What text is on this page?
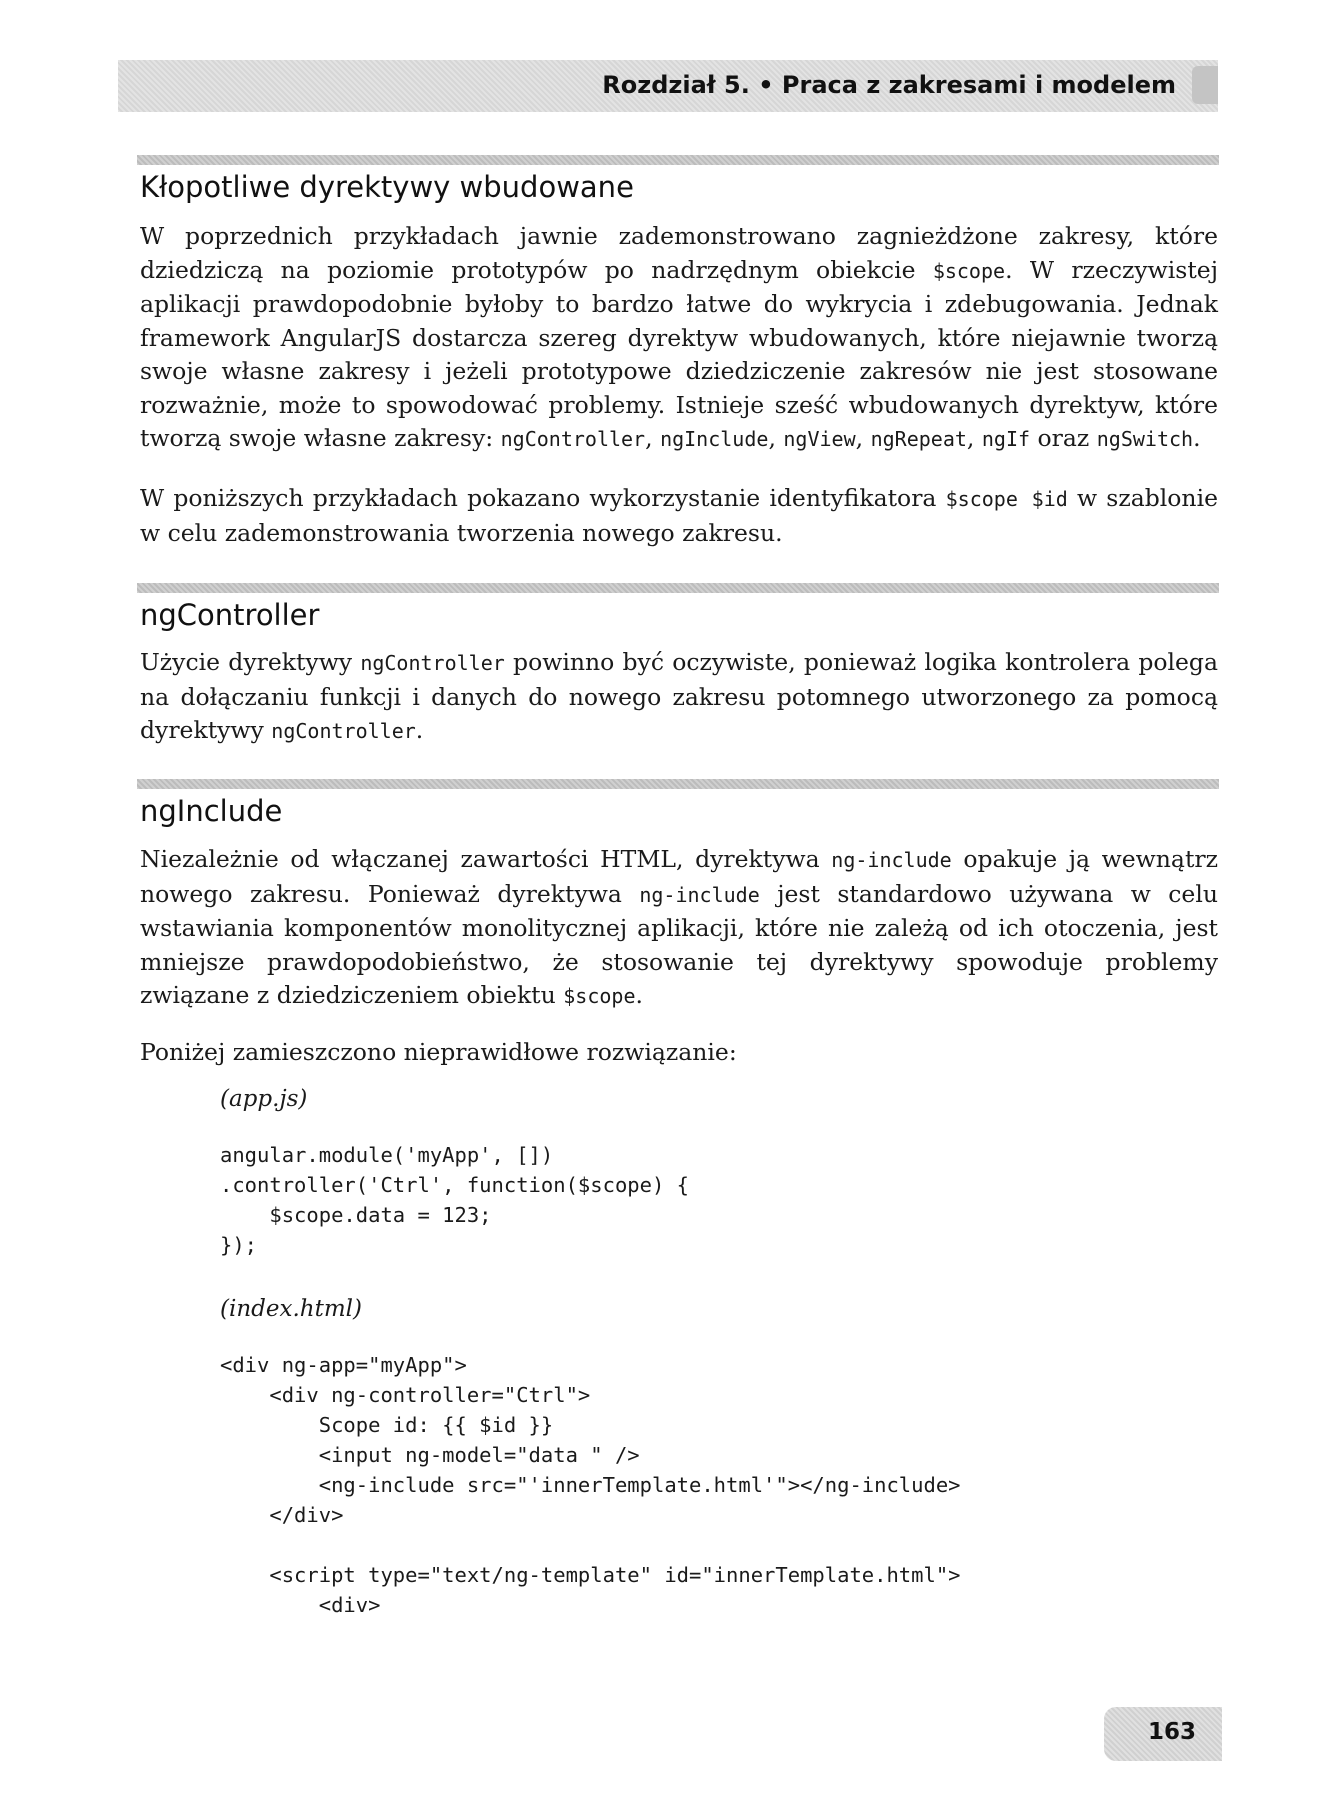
Rozdział 5. • Praca z zakresami i modelem
Kłopotliwe dyrektywy wbudowane

W poprzednich przykładach jawnie zademonstrowano zagnieżdżone zakresy, które dziedziczą na poziomie prototypów po nadrzędnym obiekcie $scope. W rzeczywistej aplikacji prawdopodobnie byłoby to bardzo łatwe do wykrycia i zdebugowania. Jednak framework AngularJS dostarcza szereg dyrektyw wbudowanych, które niejawnie tworzą swoje własne zakresy i jeżeli prototypowe dziedziczenie zakresów nie jest stosowane rozważnie, może to spowodować problemy. Istnieje sześć wbudowanych dyrektyw, które tworzą swoje własne zakresy: ngController, ngInclude, ngView, ngRepeat, ngIf oraz ngSwitch.

W poniższych przykładach pokazano wykorzystanie identyfikatora $scope $id w szablonie w celu zademonstrowania tworzenia nowego zakresu.

ngController

Użycie dyrektywy ngController powinno być oczywiste, ponieważ logika kontrolera polega na dołączaniu funkcji i danych do nowego zakresu potomnego utworzonego za pomocą dyrektywy ngController.

ngInclude

Niezależnie od włączanej zawartości HTML, dyrektywa ng-include opakuje ją wewnątrz nowego zakresu. Ponieważ dyrektywa ng-include jest standardowo używana w celu wstawiania komponentów monolitycznej aplikacji, które nie zależą od ich otoczenia, jest mniejsze prawdopodobieństwo, że stosowanie tej dyrektywy spowoduje problemy związane z dziedziczeniem obiektu $scope.

Poniżej zamieszczono nieprawidłowe rozwiązanie:

(app.js)
angular.module('myApp', [])
.controller('Ctrl', function($scope) {
$scope.data = 123;
});
(index.html)
<div ng-app="myApp">
<div ng-controller="Ctrl">
Scope id: {{ $id }}
<input ng-model="data " />
<ng-include src="'innerTemplate.html'"></ng-include>
</div>

<script type="text/ng-template" id="innerTemplate.html">
<div>
163
